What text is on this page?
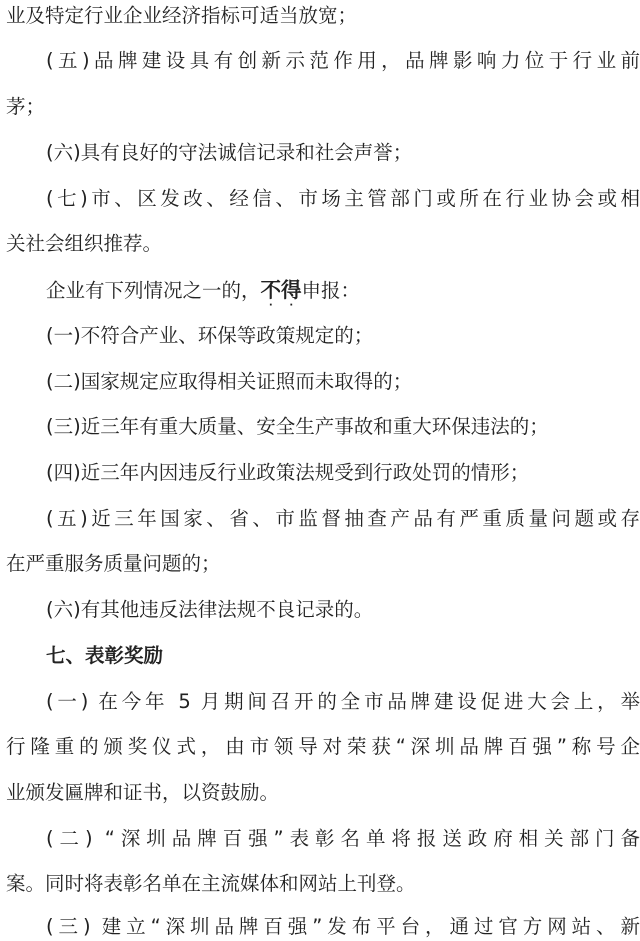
业及特定行业企业经济指标可适当放宽；
(五)品牌建设具有创新示范作用，品牌影响力位于行业前
茅；
(六)具有良好的守法诚信记录和社会声誉；
(七)市、区发改、经信、市场主管部门或所在行业协会或相
关社会组织推荐。
企业有下列情况之一的，不
·
得
·
申报：
(一)不符合产业、环保等政策规定的；
(二)国家规定应取得相关证照而未取得的；
(三)近三年有重大质量、安全生产事故和重大环保违法的；
(四)近三年内因违反行业政策法规受到行政处罚的情形；
(五)近三年国家、省、市监督抽查产品有严重质量问题或存
在严重服务质量问题的；
(六)有其他违反法律法规不良记录的。
七、表彰奖励
(一) 在今年 5 月期间召开的全市品牌建设促进大会上，举
行隆重的颁奖仪式，由市领导对荣获“深圳品牌百强”称号企
业颁发匾牌和证书，以资鼓励。
(二) “深圳品牌百强”表彰名单将报送政府相关部门备
案。同时将表彰名单在主流媒体和网站上刊登。
(三) 建立“深圳品牌百强”发布平台，通过官方网站、新
